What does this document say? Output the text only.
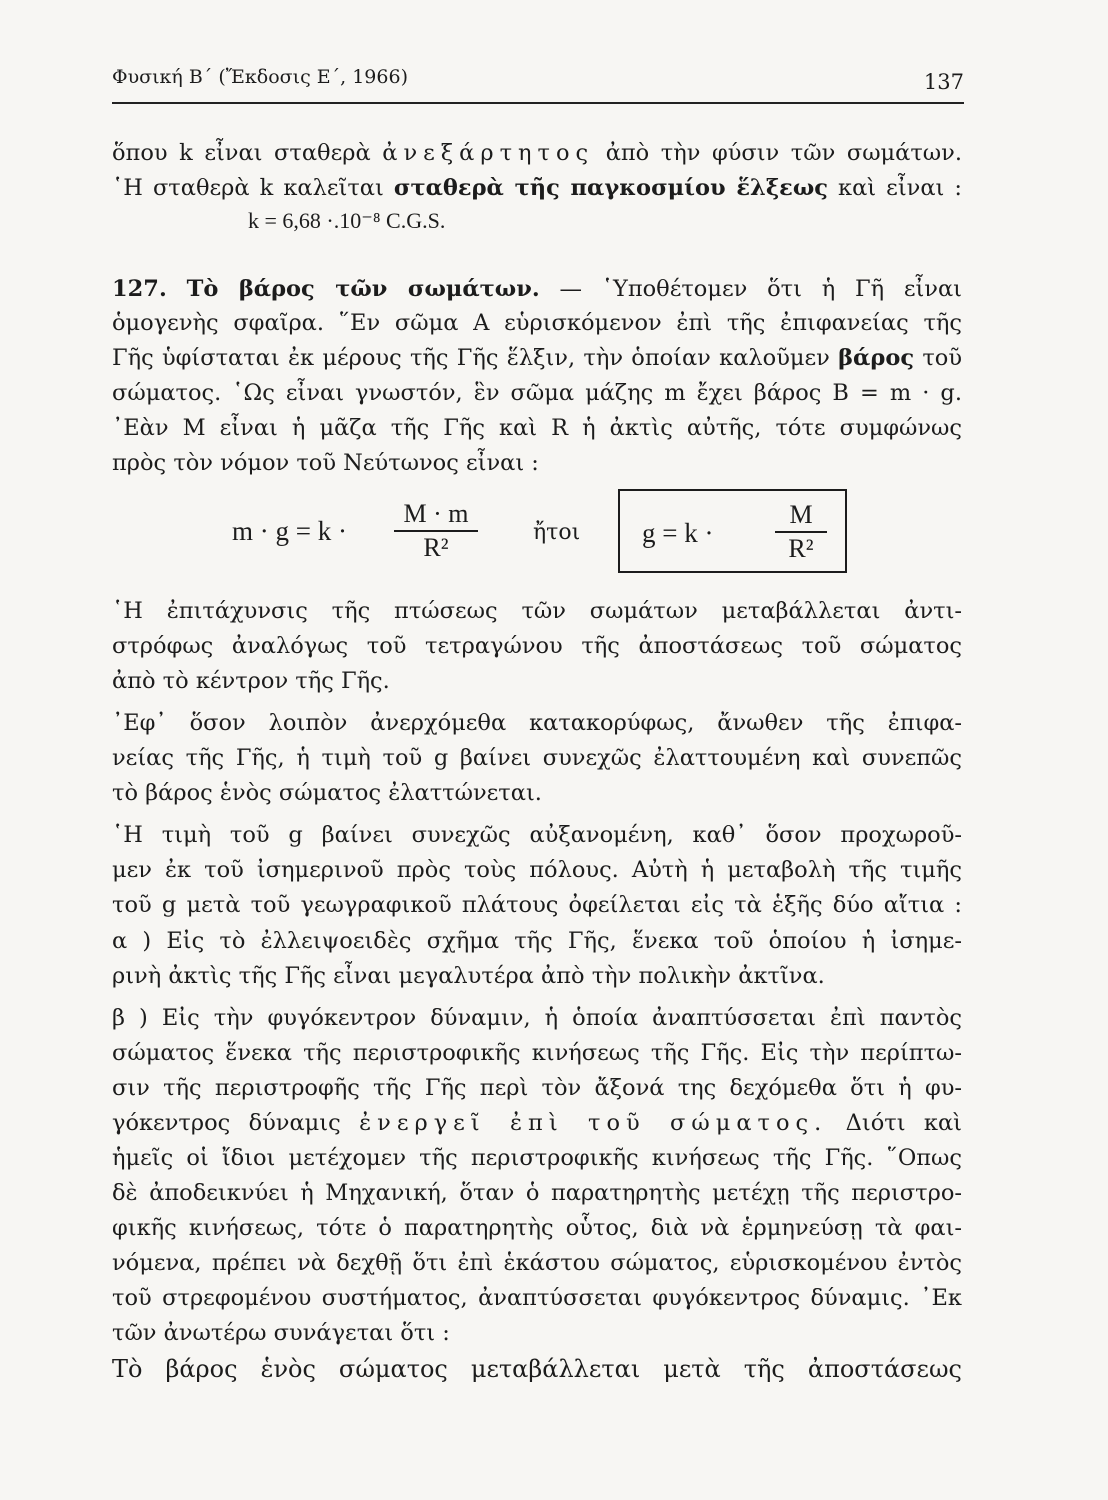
Φυσική Β΄ (Ἔκδοσις Ε΄, 1966)	137
ὅπου k εἶναι σταθερὰ ἀνεξάρτητος ἀπὸ τὴν φύσιν τῶν σωμάτων.
῾Η σταθερὰ k καλεῖται σταθερὰ τῆς παγκοσμίου ἕλξεως καὶ εἶναι :
k = 6,68 ·.10⁻⁸ C.G.S.
127. Τὸ βάρος τῶν σωμάτων. — ῾Υποθέτομεν ὅτι ἡ Γῆ εἶναι
ὁμογενὴς σφαῖρα. ῞Εν σῶμα Α εὑρισκόμενον ἐπὶ τῆς ἐπιφανείας τῆς
Γῆς ὑφίσταται ἐκ μέρους τῆς Γῆς ἕλξιν, τὴν ὁποίαν καλοῦμεν βάρος τοῦ
σώματος. ῾Ως εἶναι γνωστόν, ἓν σῶμα μάζης m ἔχει βάρος Β = m · g.
᾿Εὰν Μ εἶναι ἡ μᾶζα τῆς Γῆς καὶ R ἡ ἀκτὶς αὐτῆς, τότε συμφώνως
πρὸς τὸν νόμον τοῦ Νεύτωνος εἶναι :
m · g = k ·
M · m
R²
ἤτοι g = k ·
M
R²
῾Η ἐπιτάχυνσις τῆς πτώσεως τῶν σωμάτων μεταβάλλεται ἀντι-
στρόφως ἀναλόγως τοῦ τετραγώνου τῆς ἀποστάσεως τοῦ σώματος
ἀπὸ τὸ κέντρον τῆς Γῆς.
᾿Εφ᾿ ὅσον λοιπὸν ἀνερχόμεθα κατακορύφως, ἄνωθεν τῆς ἐπιφα-
νείας τῆς Γῆς, ἡ τιμὴ τοῦ g βαίνει συνεχῶς ἐλαττουμένη καὶ συνεπῶς
τὸ βάρος ἑνὸς σώματος ἐλαττώνεται.
῾Η τιμὴ τοῦ g βαίνει συνεχῶς αὐξανομένη, καθ᾿ ὅσον προχωροῦ-
μεν ἐκ τοῦ ἰσημερινοῦ πρὸς τοὺς πόλους. Αὐτὴ ἡ μεταβολὴ τῆς τιμῆς
τοῦ g μετὰ τοῦ γεωγραφικοῦ πλάτους ὀφείλεται εἰς τὰ ἑξῆς δύο αἴτια :
α ) Εἰς τὸ ἐλλειψοειδὲς σχῆμα τῆς Γῆς, ἕνεκα τοῦ ὁποίου ἡ ἰσημε-
ρινὴ ἀκτὶς τῆς Γῆς εἶναι μεγαλυτέρα ἀπὸ τὴν πολικὴν ἀκτῖνα.
β ) Εἰς τὴν φυγόκεντρον δύναμιν, ἡ ὁποία ἀναπτύσσεται ἐπὶ παντὸς
σώματος ἕνεκα τῆς περιστροφικῆς κινήσεως τῆς Γῆς. Εἰς τὴν περίπτω-
σιν τῆς περιστροφῆς τῆς Γῆς περὶ τὸν ἄξονά της δεχόμεθα ὅτι ἡ φυ-
γόκεντρος δύναμις ἐνεργεῖ ἐπὶ τοῦ σώματος. Διότι καὶ
ἡμεῖς οἱ ἴδιοι μετέχομεν τῆς περιστροφικῆς κινήσεως τῆς Γῆς. ῞Οπως
δὲ ἀποδεικνύει ἡ Μηχανική, ὅταν ὁ παρατηρητὴς μετέχῃ τῆς περιστρο-
φικῆς κινήσεως, τότε ὁ παρατηρητὴς οὗτος, διὰ νὰ ἑρμηνεύσῃ τὰ φαι-
νόμενα, πρέπει νὰ δεχθῇ ὅτι ἐπὶ ἑκάστου σώματος, εὑρισκομένου ἐντὸς
τοῦ στρεφομένου συστήματος, ἀναπτύσσεται φυγόκεντρος δύναμις. ᾿Εκ
τῶν ἀνωτέρω συνάγεται ὅτι :
Τὸ βάρος ἑνὸς σώματος μεταβάλλεται μετὰ τῆς ἀποστάσεως
